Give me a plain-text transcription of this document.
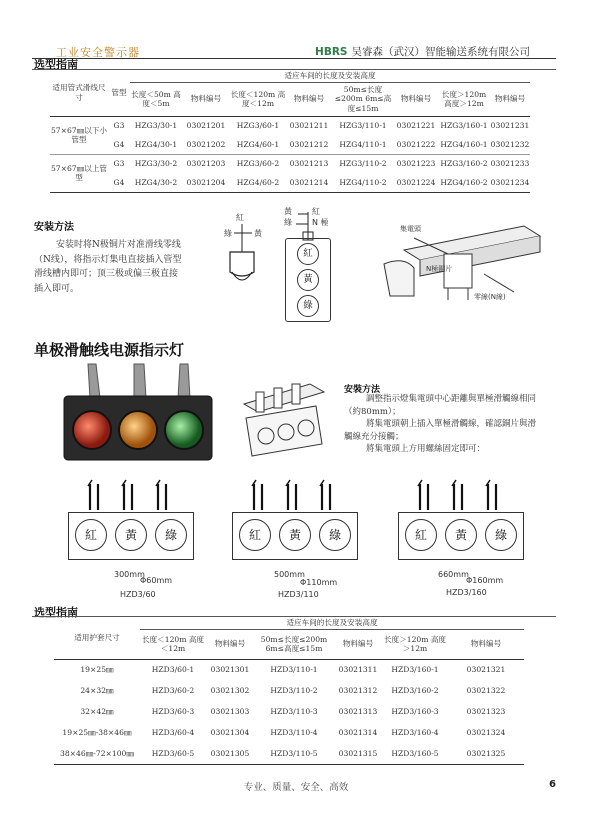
工业安全警示器	HBRS 吴睿森（武汉）智能输送系统有限公司
选型指南
适用管式滑线尺寸	管型	适应车间的长度及安装高度							
		长度＜50m 高度＜5m	物料编号	长度＜120m 高度＜12m	物料编号	50m≤长度≤200m 6m≤高度≤15m	物料编号	长度＞120m 高度＞12m	物料编号
57×67㎜以下小管型	G3	HZG3/30-1	03021201	HZG3/60-1	03021211	HZG3/110-1	03021221	HZG3/160-1	03021231
	G4	HZG4/30-1	03021202	HZG4/60-1	03021212	HZG4/110-1	03021222	HZG4/160-1	03021232
57×67㎜以上管型	G3	HZG3/30-2	03021203	HZG3/60-2	03021213	HZG3/110-2	03021223	HZG3/160-2	03021233
	G4	HZG4/30-2	03021204	HZG4/60-2	03021214	HZG4/110-2	03021224	HZG4/160-2	03021234
安装方法
安装时将N极铜片对准滑线零线（N线），将指示灯集电直接插入管型滑线槽内即可；顶三极或偏三极直接插入即可。
紅
綠	黃
黃
綠
紅
N 極
紅
黃
綠
集電頭
N極銅片
零線(N線)
单极滑触线电源指示灯
安裝方法
調整指示燈集電頭中心距離與單極滑觸線相同（約80mm）；
將集電頭朝上插入單極滑觸線，確認銅片與滑觸線充分接觸；
將集電頭上方用螺絲固定即可：
紅	黃	綠
300mm
Φ60mm
HZD3/60
紅	黃	綠
500mm
Φ110mm
HZD3/110
紅	黃	綠
660mm
Φ160mm
HZD3/160
选型指南
适用护套尺寸	适应车间的长度及安装高度					
	长度＜120m 高度＜12m	物料编号	50m≤长度≤200m 6m≤高度≤15m	物料编号	长度＞120m 高度＞12m	物料编号
19×25㎜	HZD3/60-1	03021301	HZD3/110-1	03021311	HZD3/160-1	03021321
24×32㎜	HZD3/60-2	03021302	HZD3/110-2	03021312	HZD3/160-2	03021322
32×42㎜	HZD3/60-3	03021303	HZD3/110-3	03021313	HZD3/160-3	03021323
19×25㎜-38×46㎜	HZD3/60-4	03021304	HZD3/110-4	03021314	HZD3/160-4	03021324
38×46㎜-72×100㎜	HZD3/60-5	03021305	HZD3/110-5	03021315	HZD3/160-5	03021325
专业、质量、安全、高效	6
